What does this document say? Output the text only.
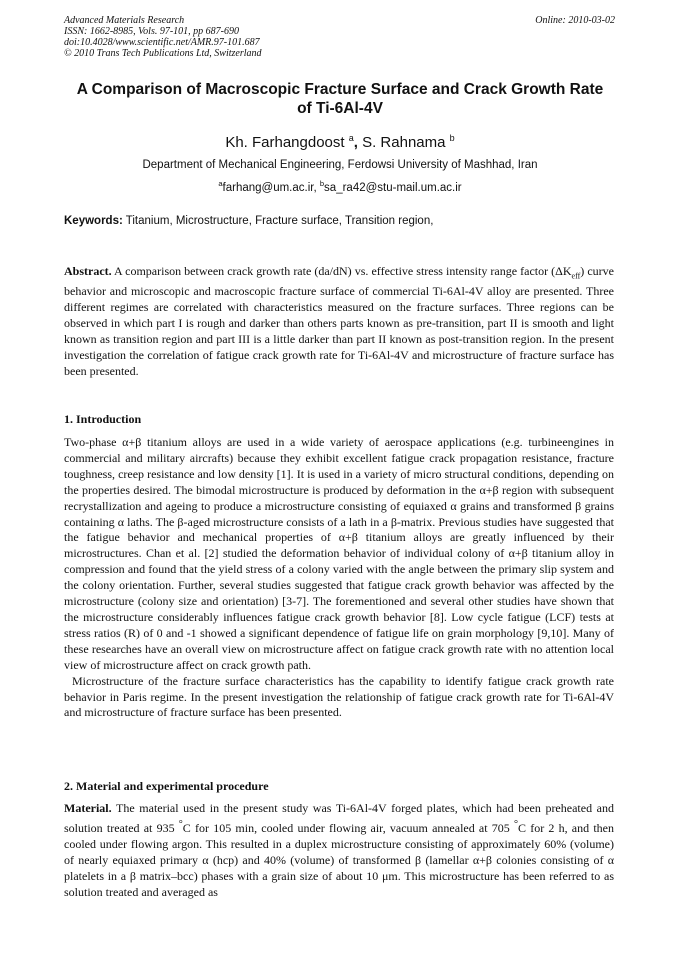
Advanced Materials Research
ISSN: 1662-8985, Vols. 97-101, pp 687-690
doi:10.4028/www.scientific.net/AMR.97-101.687
© 2010 Trans Tech Publications Ltd, Switzerland
Online: 2010-03-02
A Comparison of Macroscopic Fracture Surface and Crack Growth Rate
of Ti-6Al-4V
Kh. Farhangdoost $^a$, S. Rahnama $^b$
Department of Mechanical Engineering, Ferdowsi University of Mashhad, Iran
$^a$farhang@um.ac.ir, $^b$sa_ra42@stu-mail.um.ac.ir
Keywords: Titanium, Microstructure, Fracture surface, Transition region,

Abstract. A comparison between crack growth rate (da/dN) vs. effective stress intensity range factor $(\Delta K_{eff})$ curve behavior and microscopic and macroscopic fracture surface of commercial Ti-6Al-4V alloy are presented. Three different regimes are correlated with characteristics measured on the fracture surfaces. Three regions can be observed in which part I is rough and darker than others parts known as pre-transition, part II is smooth and light known as transition region and part III is a little darker than part II known as post-transition region. In the present investigation the correlation of fatigue crack growth rate for Ti-6Al-4V and microstructure of fracture surface has been presented.

1. Introduction

Two-phase α+β titanium alloys are used in a wide variety of aerospace applications (e.g. turbineengines in commercial and military aircrafts) because they exhibit excellent fatigue crack propagation resistance, fracture toughness, creep resistance and low density [1]. It is used in a variety of micro structural conditions, depending on the properties desired. The bimodal microstructure is produced by deformation in the α+β region with subsequent recrystallization and ageing to produce a microstructure consisting of equiaxed α grains and transformed β grains containing α laths. The β-aged microstructure consists of a lath in a β-matrix. Previous studies have suggested that the fatigue behavior and mechanical properties of α+β titanium alloys are greatly influenced by their microstructures. Chan et al. [2] studied the deformation behavior of individual colony of α+β titanium alloy in compression and found that the yield stress of a colony varied with the angle between the primary slip system and the colony orientation. Further, several studies suggested that fatigue crack growth behavior was affected by the microstructure (colony size and orientation) [3-7]. The forementioned and several other studies have shown that the microstructure considerably influences fatigue crack growth behavior [8]. Low cycle fatigue (LCF) tests at stress ratios (R) of 0 and -1 showed a significant dependence of fatigue life on grain morphology [9,10]. Many of these researches have an overall view on microstructure affect on fatigue crack growth rate with no attention local view of microstructure affect on crack growth path.

Microstructure of the fracture surface characteristics has the capability to identify fatigue crack growth rate behavior in Paris regime. In the present investigation the relationship of fatigue crack growth rate for Ti-6Al-4V and microstructure of fracture surface has been presented.

2. Material and experimental procedure

Material. The material used in the present study was Ti-6Al-4V forged plates, which had been preheated and solution treated at 935 °C for 105 min, cooled under flowing air, vacuum annealed at 705 °C for 2 h, and then cooled under flowing argon. This resulted in a duplex microstructure consisting of approximately 60% (volume) of nearly equiaxed primary α (hcp) and 40% (volume) of transformed β (lamellar α+β colonies consisting of α platelets in a β matrix–bcc) phases with a grain size of about 10 μm. This microstructure has been referred to as solution treated and averaged as
